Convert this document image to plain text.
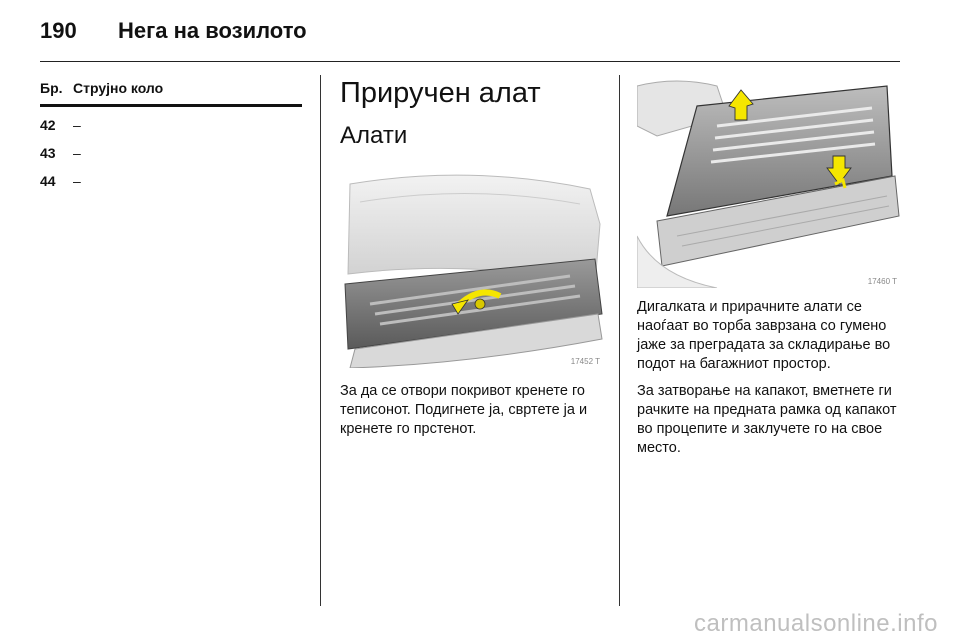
190 Нега на возилото
Бр. Струјно коло
42 –
43 –
44 –
Приручен алат
Алати
17452 T

За да се отвори покривот кренете го теписонот. Подигнете ја, свртете ја и кренете го прстенот.

17460 T

Дигалката и прирачните алати се наоѓаат во торба заврзана со гумено јаже за преградата за складирање во подот на багажниот простор.

За затворање на капакот, вметнете ги рачките на предната рамка од капакот во процепите и заклучете го на свое место.

carmanualsonline.info
